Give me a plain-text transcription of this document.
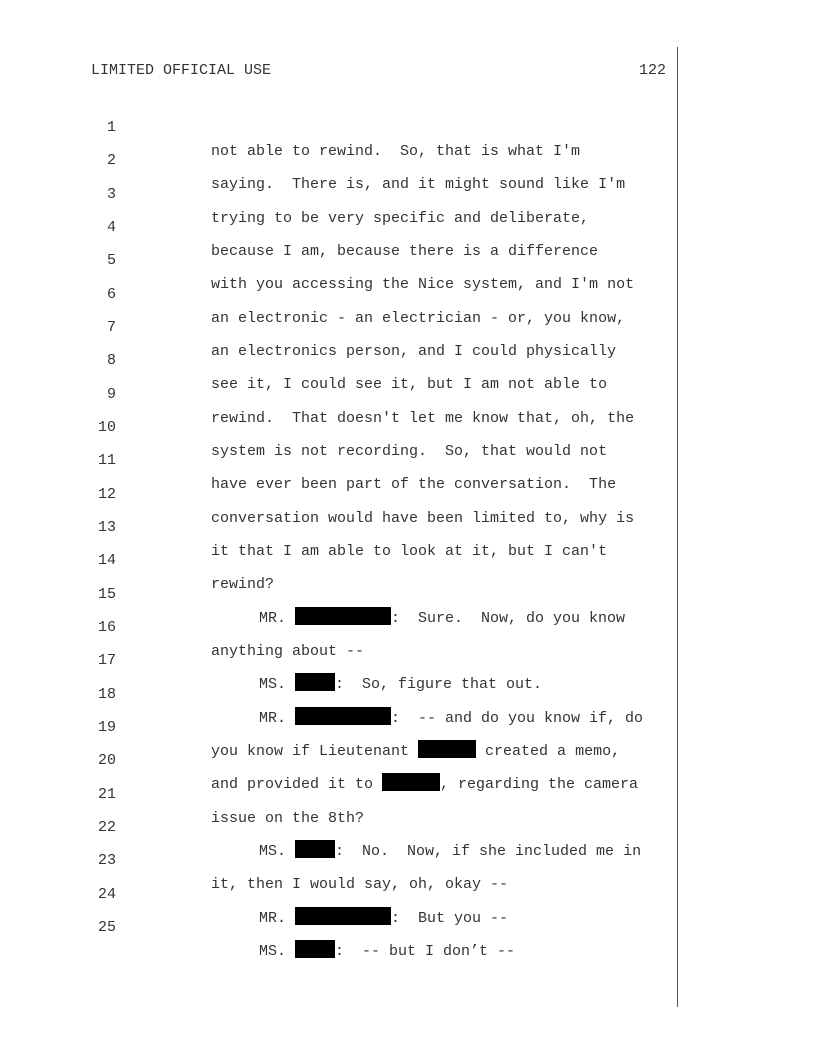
LIMITED OFFICIAL USE	122

1

not able to rewind.  So, that is what I'm

2

saying.  There is, and it might sound like I'm

3

trying to be very specific and deliberate,

4

because I am, because there is a difference

5

with you accessing the Nice system, and I'm not

6

an electronic - an electrician - or, you know,

7

an electronics person, and I could physically

8

see it, I could see it, but I am not able to

9

rewind.  That doesn't let me know that, oh, the

10

system is not recording.  So, that would not

11

have ever been part of the conversation.  The

12

conversation would have been limited to, why is

13

it that I am able to look at it, but I can't

14

rewind?

15

MR.	:  Sure.  Now, do you know

16

anything about --

17

MS.	:  So, figure that out.

18

MR.	:  -- and do you know if, do

19

you know if Lieutenant	created a memo,

20

and provided it to	, regarding the camera

21

issue on the 8th?

22

MS.	:  No.  Now, if she included me in

23

it, then I would say, oh, okay --

24

MR.	:  But you --

25

MS.	:  -- but I don’t --
